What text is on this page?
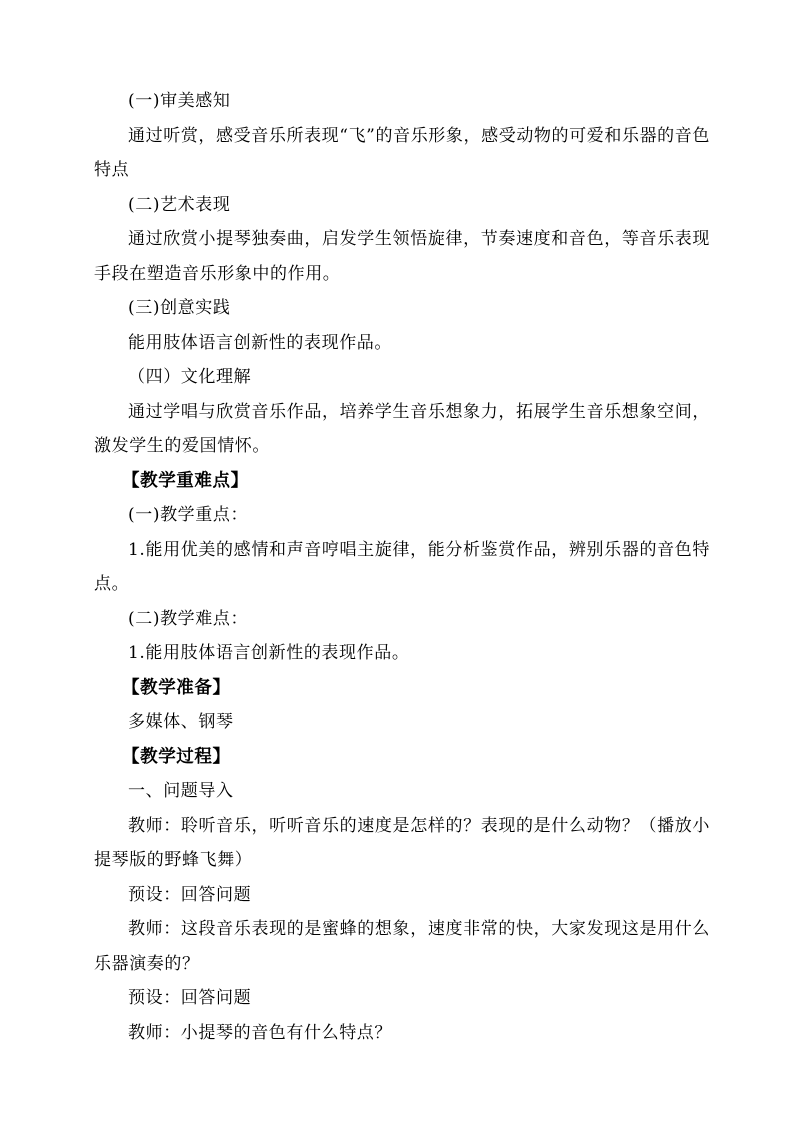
(一)审美感知

通过听赏，感受音乐所表现“飞”的音乐形象，感受动物的可爱和乐器的音色特点

(二)艺术表现

通过欣赏小提琴独奏曲，启发学生领悟旋律，节奏速度和音色，等音乐表现手段在塑造音乐形象中的作用。

(三)创意实践

能用肢体语言创新性的表现作品。

（四）文化理解

通过学唱与欣赏音乐作品，培养学生音乐想象力，拓展学生音乐想象空间，激发学生的爱国情怀。

【教学重难点】

(一)教学重点：

1.能用优美的感情和声音哼唱主旋律，能分析鉴赏作品，辨别乐器的音色特点。

(二)教学难点：

1.能用肢体语言创新性的表现作品。

【教学准备】

多媒体、钢琴

【教学过程】

一、问题导入

教师：聆听音乐，听听音乐的速度是怎样的？表现的是什么动物？（播放小提琴版的野蜂飞舞）

预设：回答问题

教师：这段音乐表现的是蜜蜂的想象，速度非常的快，大家发现这是用什么乐器演奏的？

预设：回答问题

教师：小提琴的音色有什么特点？
